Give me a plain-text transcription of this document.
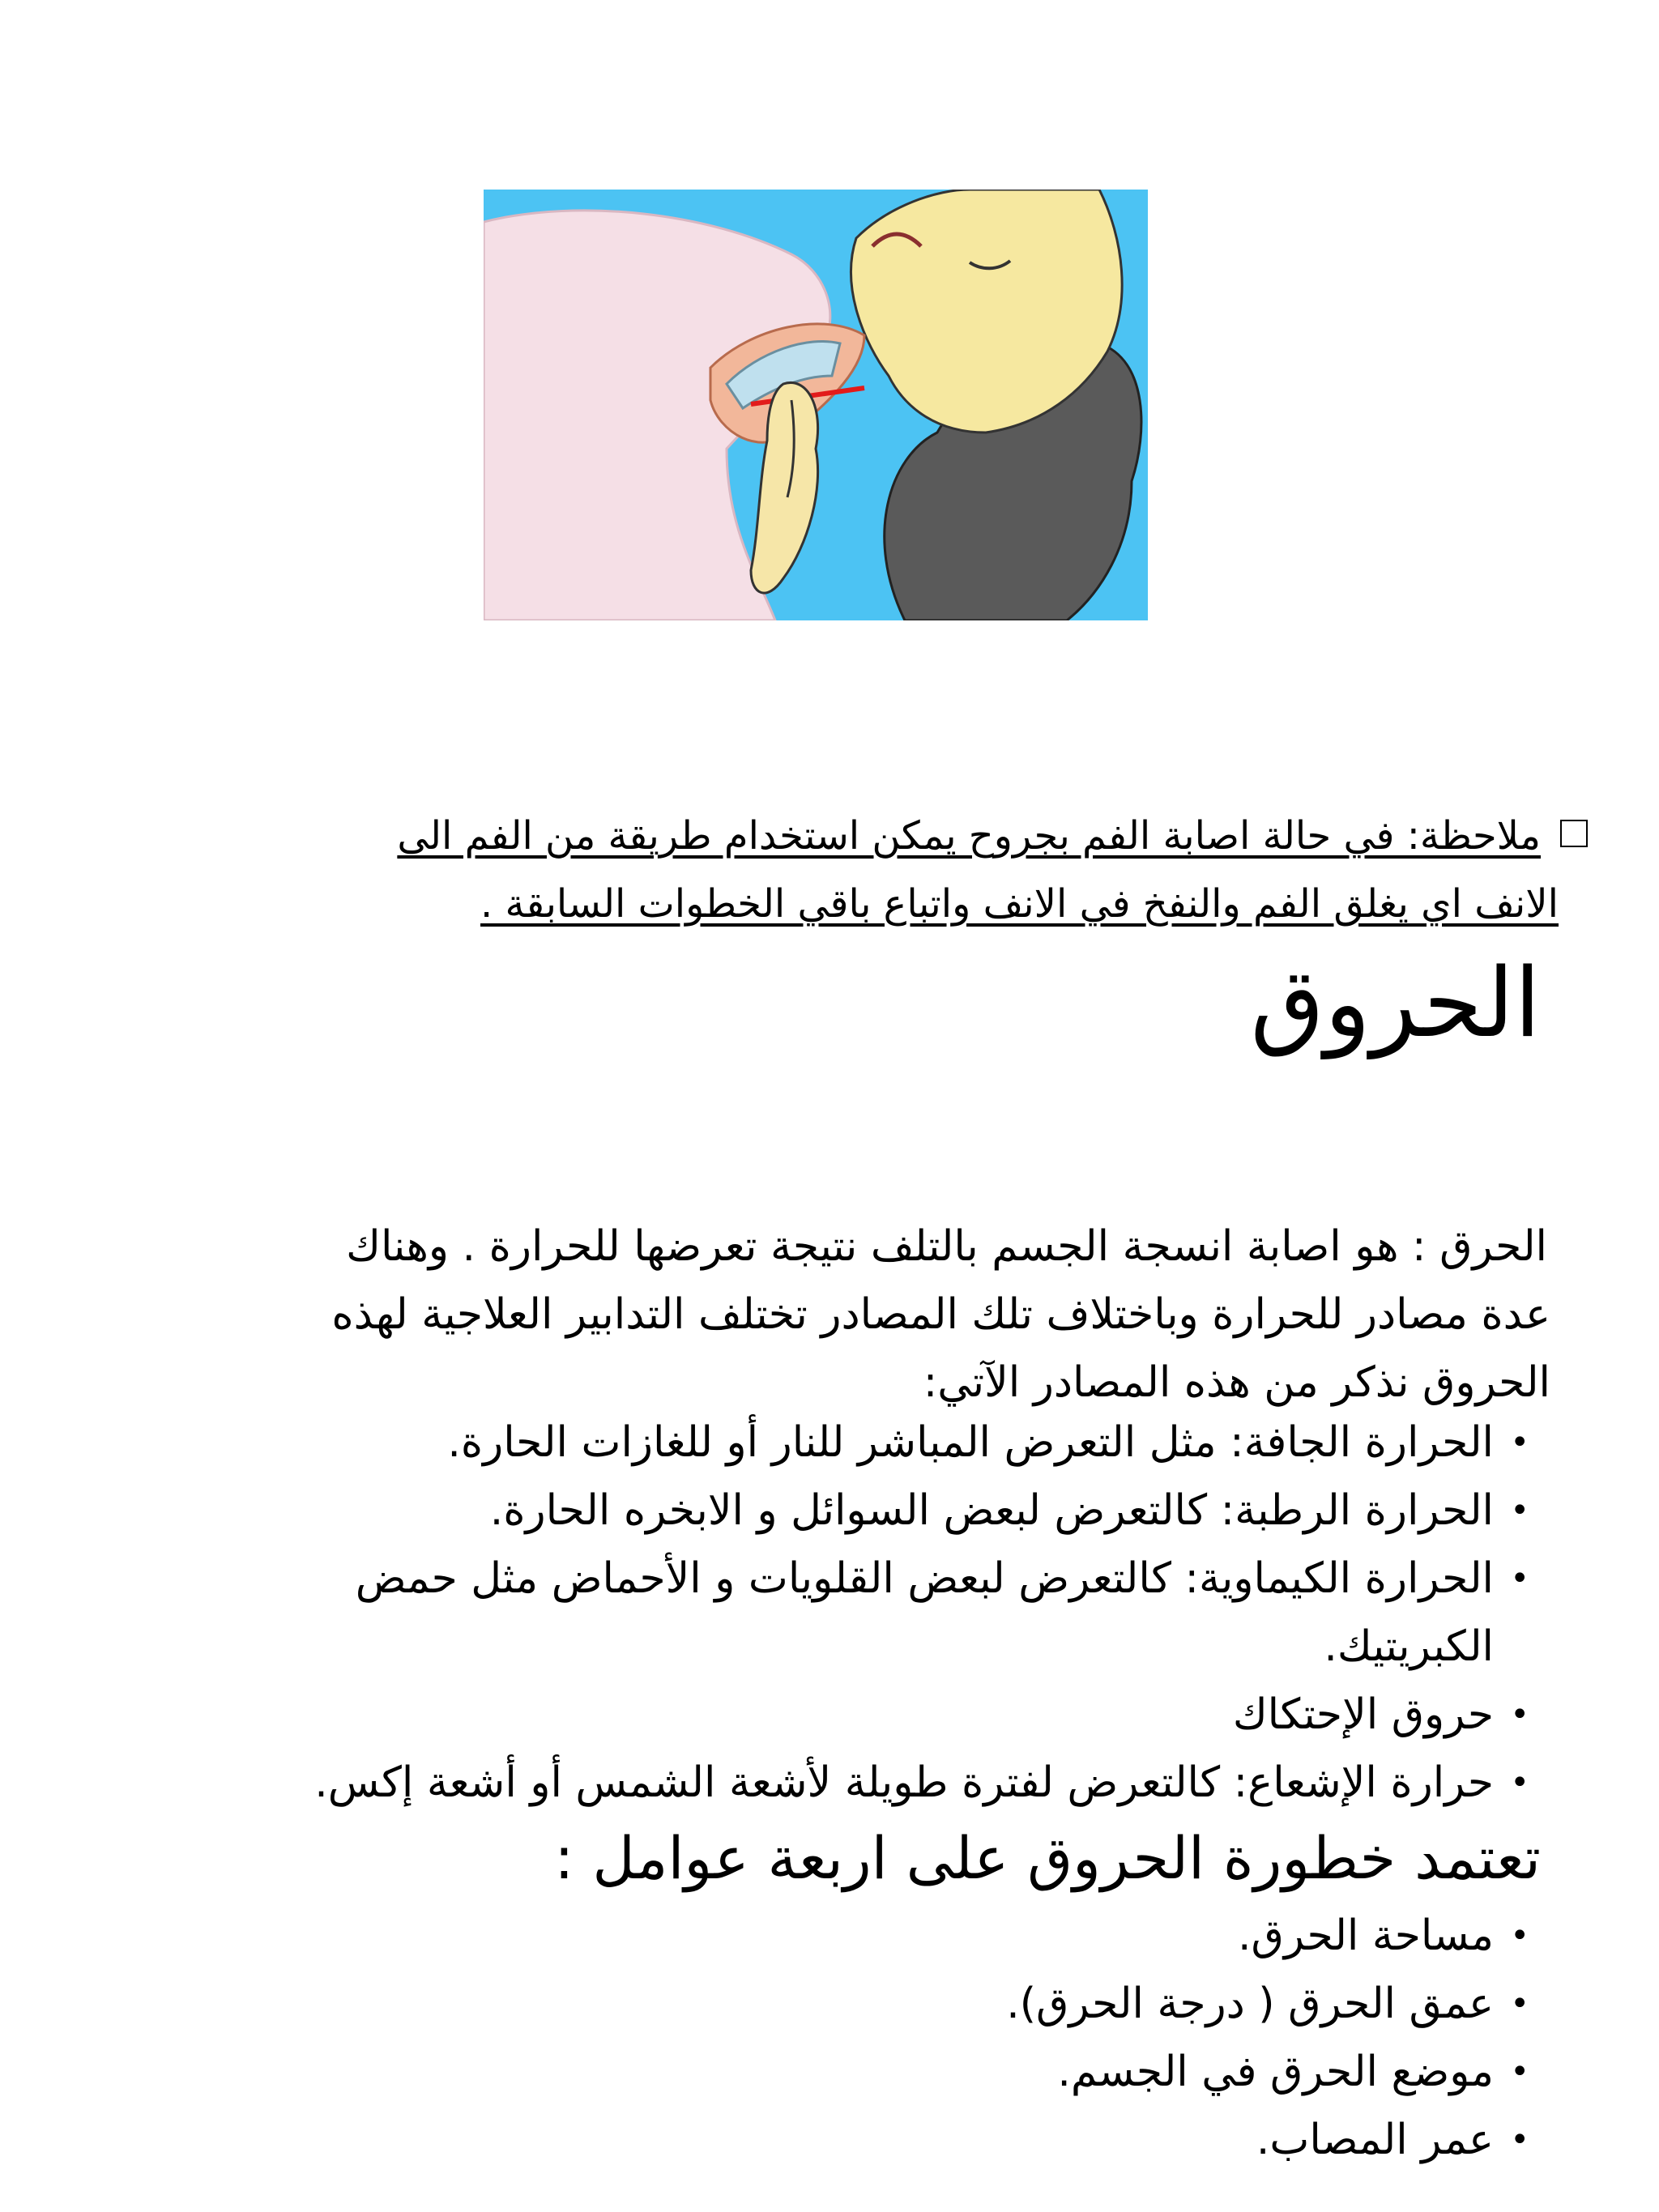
ملاحظة: في حالة اصابة الفم بجروح يمكن استخدام طريقة من الفم الى
الانف اي يغلق الفم والنفخ في الانف واتباع باقي الخطوات السابقة .
الحروق
الحرق : هو اصابة انسجة الجسم بالتلف نتيجة تعرضها للحرارة . وهناك
عدة مصادر للحرارة وباختلاف تلك المصادر تختلف التدابير العلاجية لهذه
الحروق نذكر من هذه المصادر الآتي:
•
الحرارة الجافة: مثل التعرض المباشر للنار أو للغازات الحارة.
•
الحرارة الرطبة: كالتعرض لبعض السوائل و الابخره الحارة.
•
الحرارة الكيماوية: كالتعرض لبعض القلويات و الأحماض مثل حمض
الكبريتيك.
•
حروق الإحتكاك
•
حرارة الإشعاع: كالتعرض لفترة طويلة لأشعة الشمس أو أشعة إكس.
تعتمد خطورة الحروق على اربعة عوامل :
•
مساحة الحرق.
•
عمق الحرق ( درجة الحرق).
•
موضع الحرق في الجسم.
•
عمر المصاب.
